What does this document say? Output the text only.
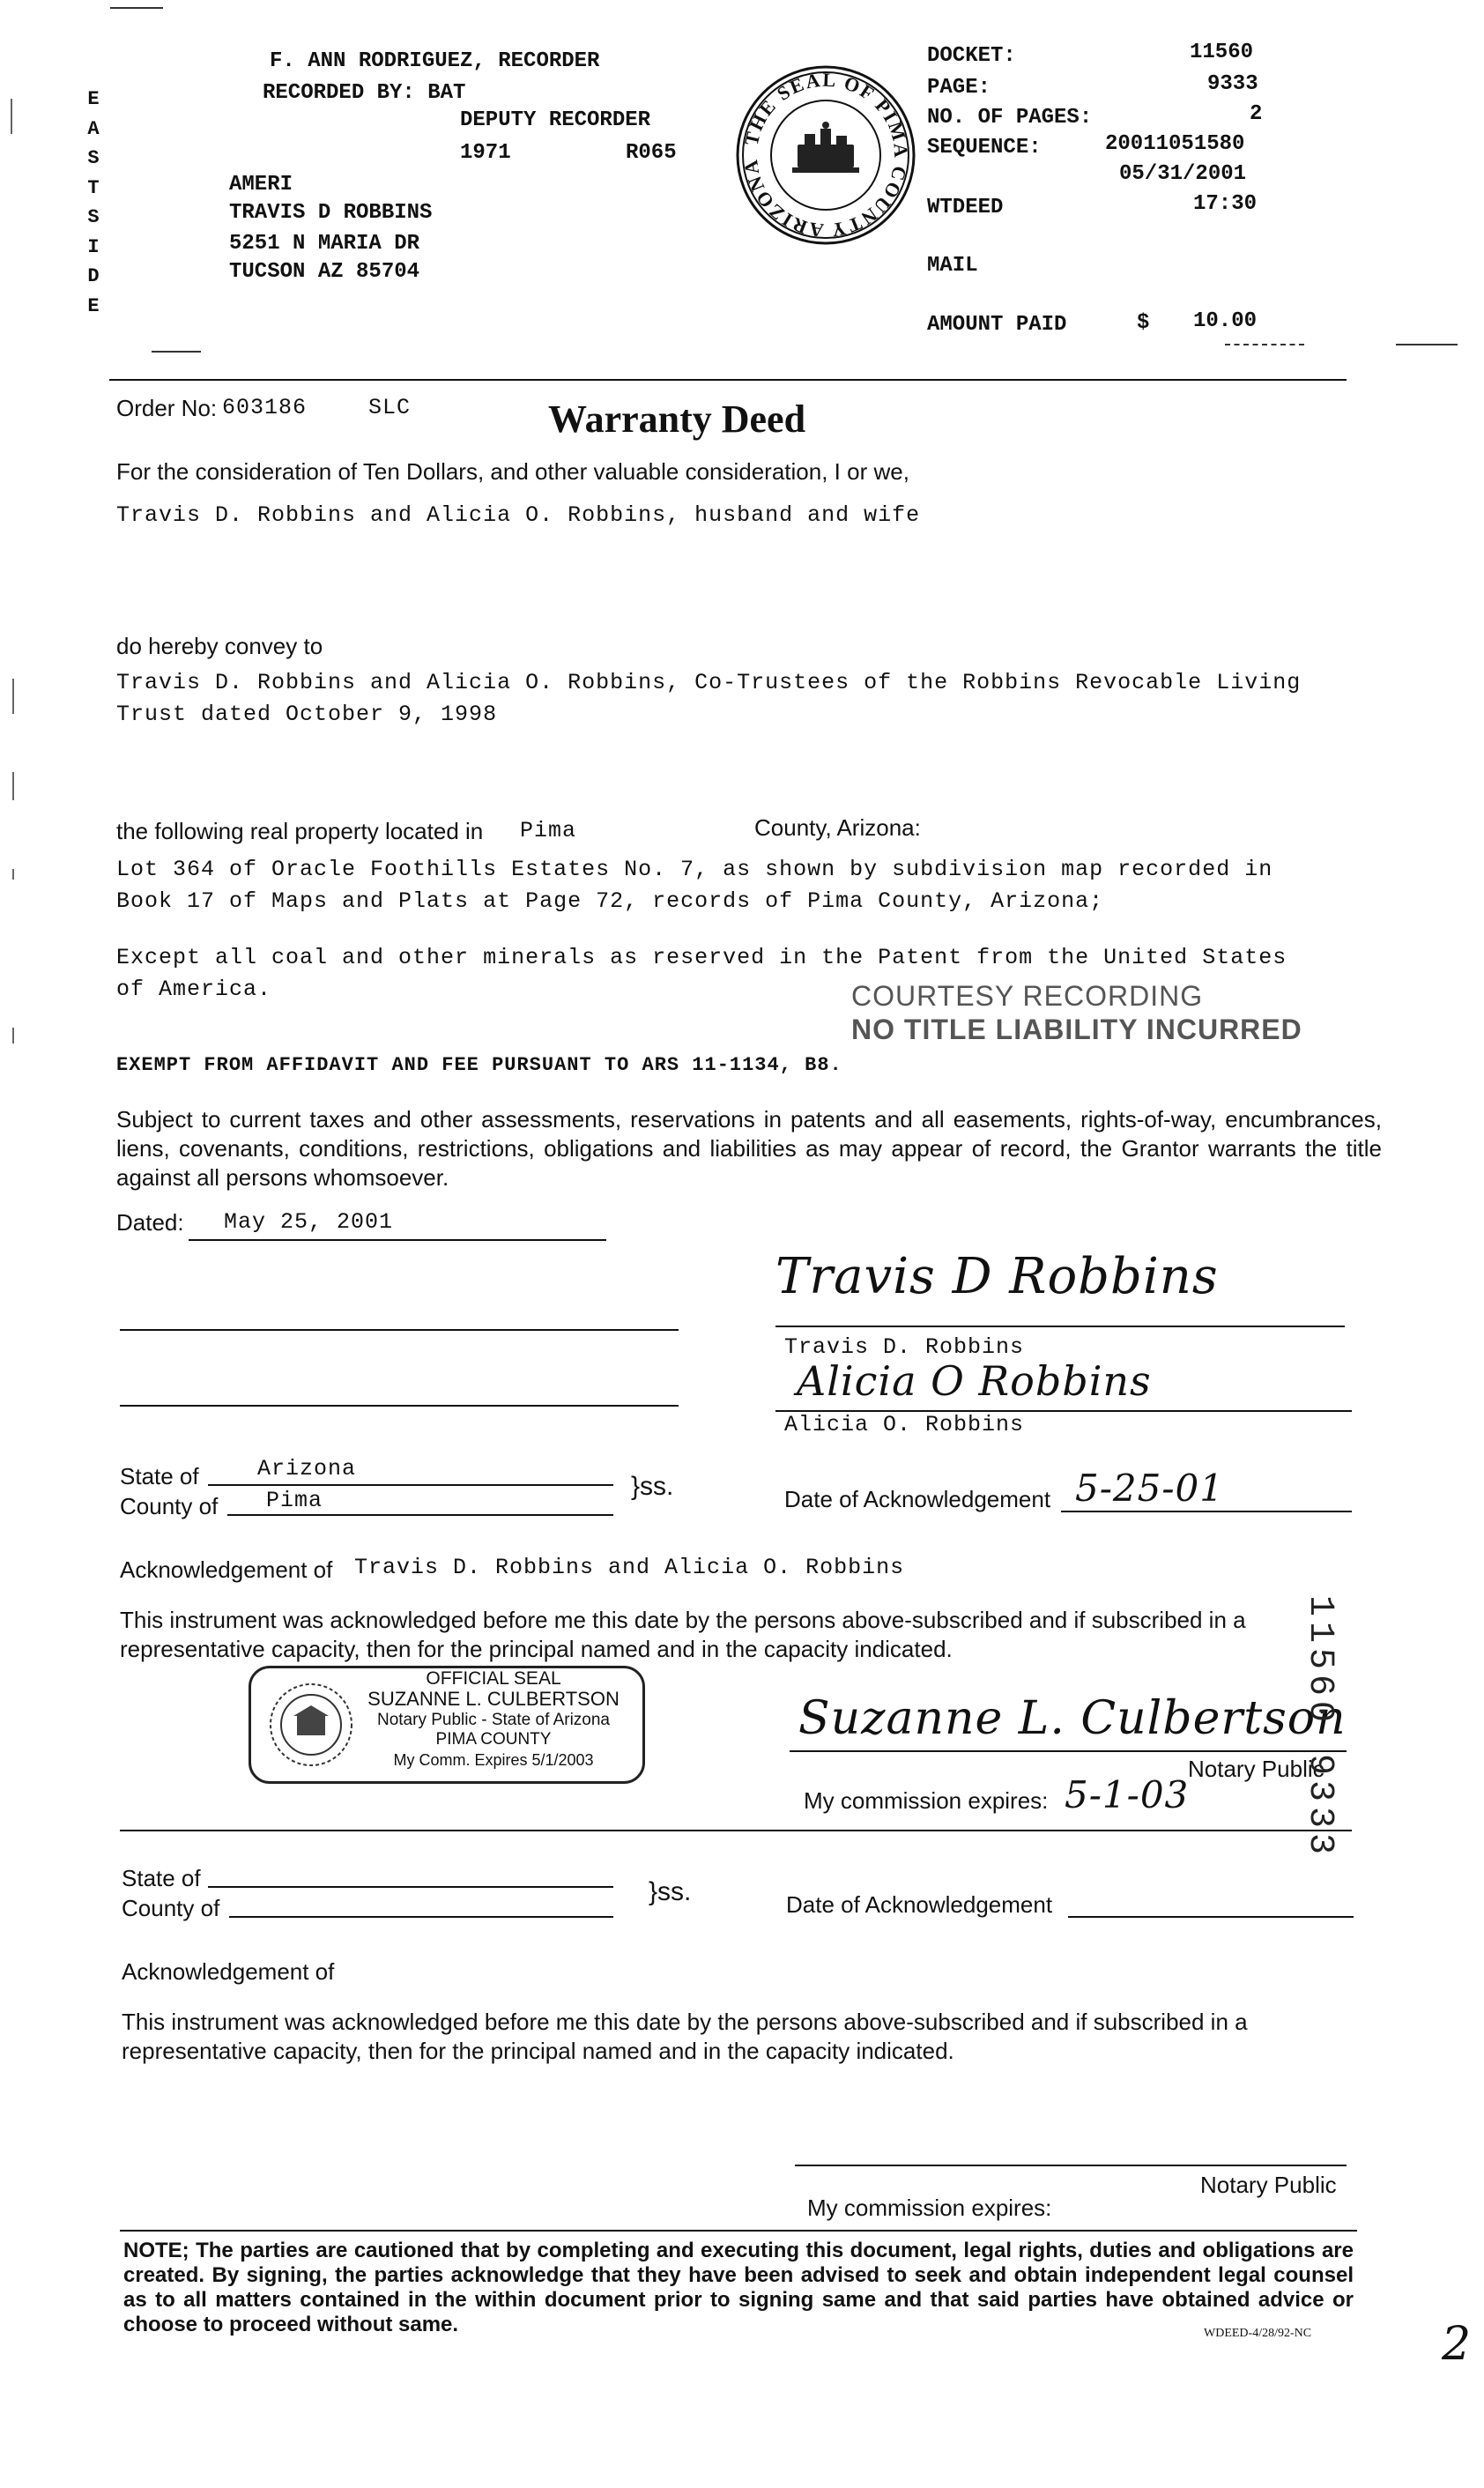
E
A
S
T
S
I
D
E
F. ANN RODRIGUEZ, RECORDER
RECORDED BY: BAT
DEPUTY RECORDER
1971	R065
AMERI
TRAVIS D ROBBINS
5251 N MARIA DR
TUCSON AZ 85704
THE SEAL OF PIMA COUNTY ARIZONA
DOCKET:	11560
PAGE:	9333
NO. OF PAGES:	2
SEQUENCE:	20011051580
05/31/2001
WTDEED	17:30
MAIL
AMOUNT PAID	$ 10.00
Order No: 603186	SLC	Warranty Deed
For the consideration of Ten Dollars, and other valuable consideration, I or we,
Travis D. Robbins and Alicia O. Robbins, husband and wife
do hereby convey to
Travis D. Robbins and Alicia O. Robbins, Co-Trustees of the Robbins Revocable Living
Trust dated October 9, 1998
the following real property located in Pima	County, Arizona:
Lot 364 of Oracle Foothills Estates No. 7, as shown by subdivision map recorded in
Book 17 of Maps and Plats at Page 72, records of Pima County, Arizona;
Except all coal and other minerals as reserved in the Patent from the United States
of America.	COURTESY RECORDING
NO TITLE LIABILITY INCURRED
EXEMPT FROM AFFIDAVIT AND FEE PURSUANT TO ARS 11-1134, B8.
Subject to current taxes and other assessments, reservations in patents and all easements, rights-of-way, encumbrances, liens, covenants, conditions, restrictions, obligations and liabilities as may appear of record, the Grantor warrants the title against all persons whomsoever.
Dated: May 25, 2001
Travis D Robbins
Travis D. Robbins
Alicia O Robbins
Alicia O. Robbins
State of	Arizona
County of Pima	}ss.	Date of Acknowledgement 5-25-01
Acknowledgement of Travis D. Robbins and Alicia O. Robbins
This instrument was acknowledged before me this date by the persons above-subscribed and if subscribed in a representative capacity, then for the principal named and in the capacity indicated.
OFFICIAL SEAL
SUZANNE L. CULBERTSON
Notary Public - State of Arizona
PIMA COUNTY
My Comm. Expires 5/1/2003
Suzanne L. Culbertson
Notary Public
My commission expires: 5-1-03
State of
County of
}ss.	Date of Acknowledgement
Acknowledgement of
This instrument was acknowledged before me this date by the persons above-subscribed and if subscribed in a representative capacity, then for the principal named and in the capacity indicated.
Notary Public
My commission expires:
NOTE; The parties are cautioned that by completing and executing this document, legal rights, duties and obligations are created. By signing, the parties acknowledge that they have been advised to seek and obtain independent legal counsel as to all matters contained in the within document prior to signing same and that said parties have obtained advice or choose to proceed without same.	WDEED-4/28/92-NC
11560 9333
2
